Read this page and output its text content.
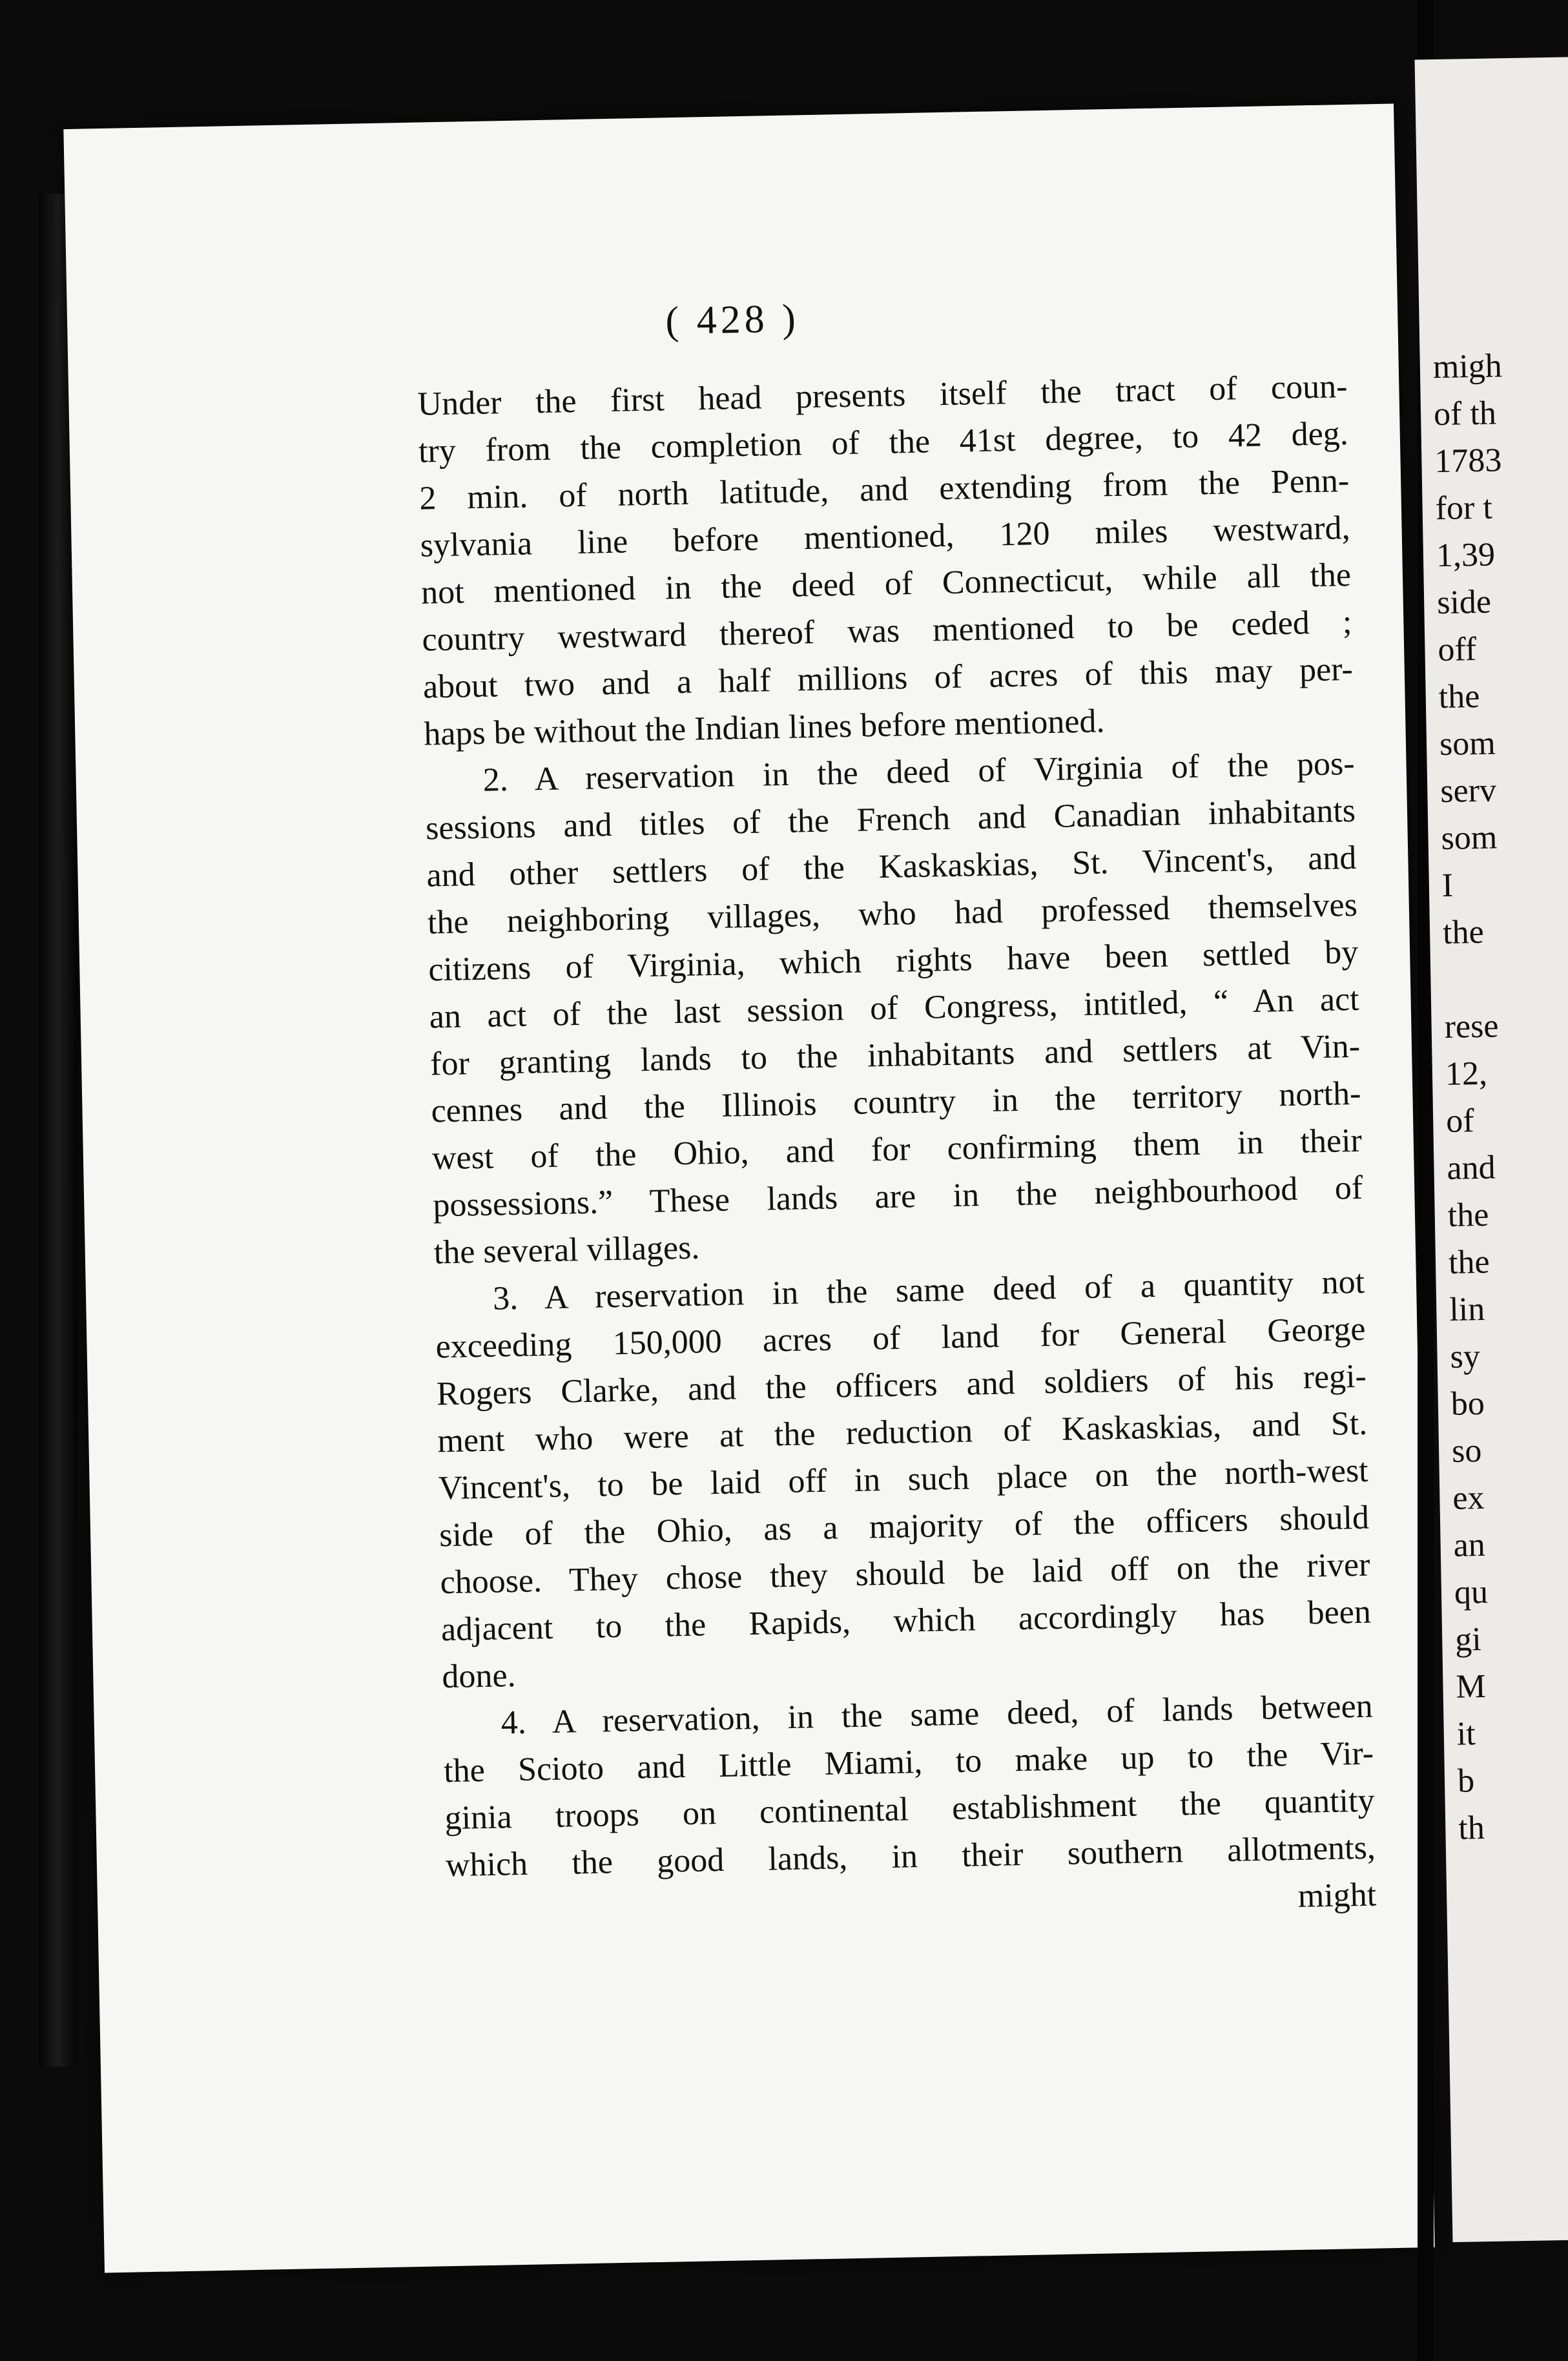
( 428 )
Under the first head presents itself the tract of coun-
try from the completion of the 41st degree, to 42 deg.
2 min. of north latitude, and extending from the Penn-
sylvania line before mentioned, 120 miles westward,
not mentioned in the deed of Connecticut, while all the
country westward thereof was mentioned to be ceded ;
about two and a half millions of acres of this may per-
haps be without the Indian lines before mentioned.
2. A reservation in the deed of Virginia of the pos-
sessions and titles of the French and Canadian inhabitants
and other settlers of the Kaskaskias, St. Vincent's, and
the neighboring villages, who had professed themselves
citizens of Virginia, which rights have been settled by
an act of the last session of Congress, intitled, “ An act
for granting lands to the inhabitants and settlers at Vin-
cennes and the Illinois country in the territory north-
west of the Ohio, and for confirming them in their
possessions.” These lands are in the neighbourhood of
the several villages.
3. A reservation in the same deed of a quantity not
exceeding 150,000 acres of land for General George
Rogers Clarke, and the officers and soldiers of his regi-
ment who were at the reduction of Kaskaskias, and St.
Vincent's, to be laid off in such place on the north-west
side of the Ohio, as a majority of the officers should
choose. They chose they should be laid off on the river
adjacent to the Rapids, which accordingly has been
done.
4. A reservation, in the same deed, of lands between
the Scioto and Little Miami, to make up to the Vir-
ginia troops on continental establishment the quantity
which the good lands, in their southern allotments,
might
migh
of th
1783
for t
1,39
side
off
the
som
serv
som
I
the
rese
12,
of
and
the
the
lin
sy
bo
so
ex
an
qu
gi
M
it
b
th
